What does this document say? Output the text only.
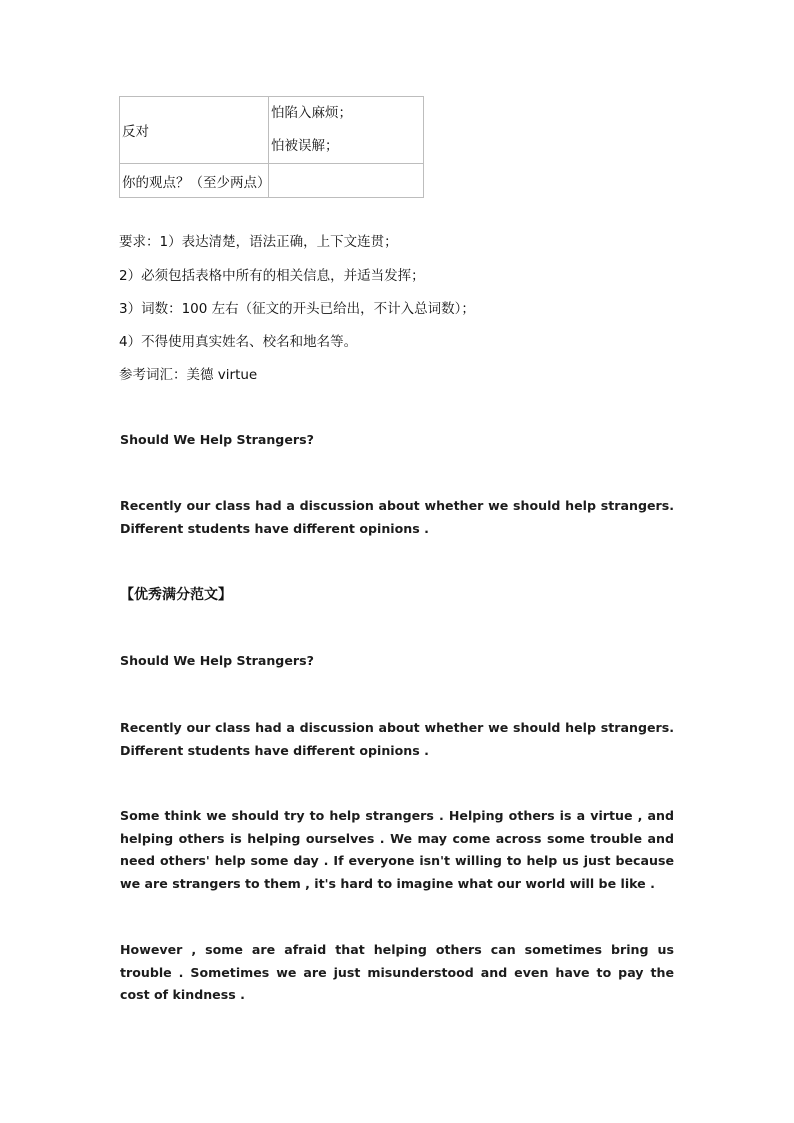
反对	怕陷入麻烦；
怕被误解；

你的观点？（至少两点）	
要求：1）表达清楚，语法正确，上下文连贯；
2）必须包括表格中所有的相关信息，并适当发挥；
3）词数：100 左右（征文的开头已给出，不计入总词数）；
4）不得使用真实姓名、校名和地名等。
参考词汇：美德 virtue
Should We Help Strangers?
Recently our class had a discussion about whether we should help strangers. Different students have different opinions .
【优秀满分范文】
Should We Help Strangers?
Recently our class had a discussion about whether we should help strangers. Different students have different opinions .
Some think we should try to help strangers . Helping others is a virtue , and helping others is helping ourselves . We may come across some trouble and need others' help some day . If everyone isn't willing to help us just because we are strangers to them , it's hard to imagine what our world will be like .
However , some are afraid that helping others can sometimes bring us trouble . Sometimes we are just misunderstood and even have to pay the cost of kindness .
